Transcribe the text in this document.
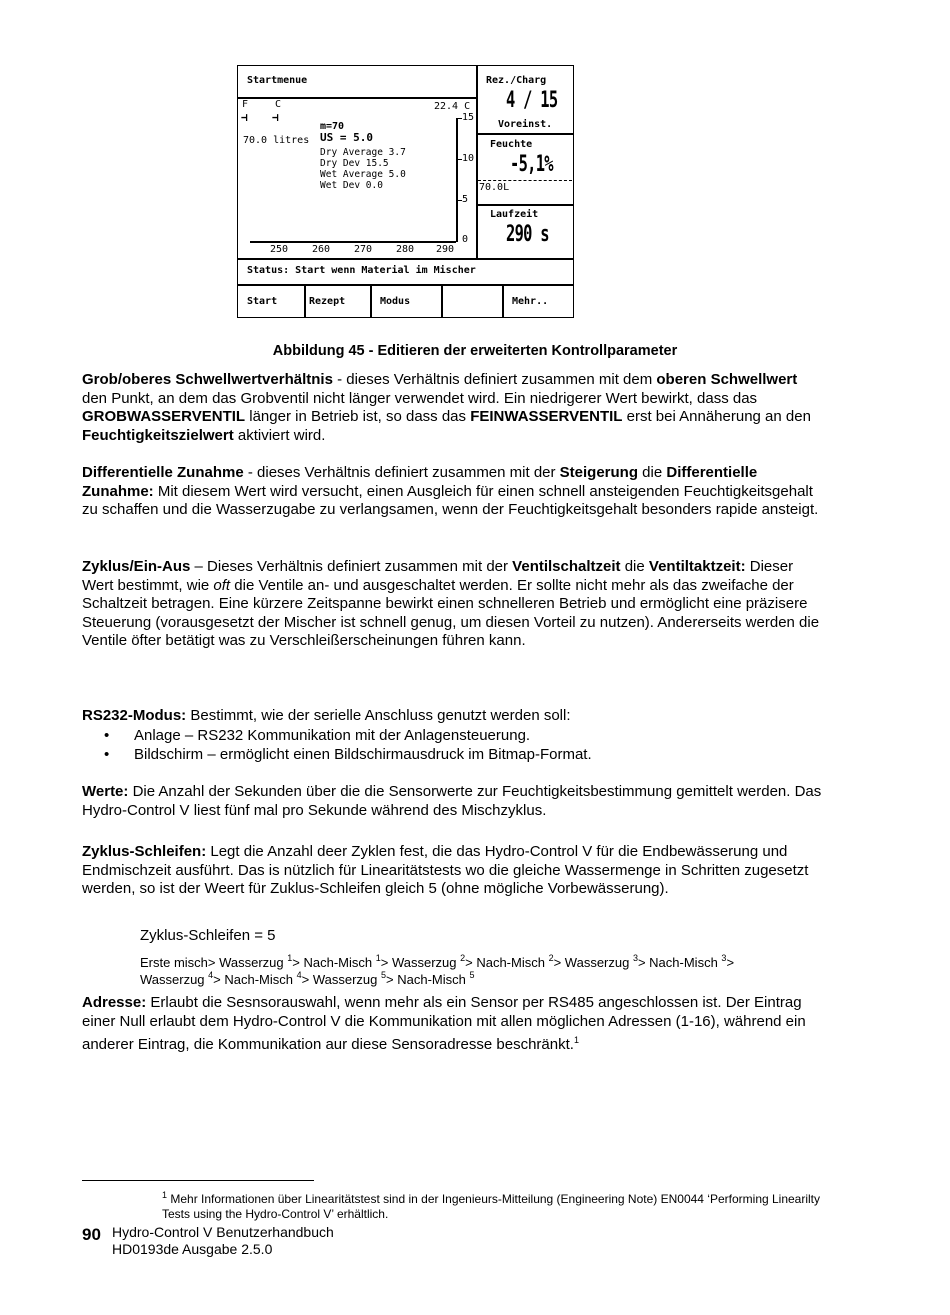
Startmenue	Rez./Charg
4 / 15
Voreinst.
Feuchte
-5,1%
70.0L
Laufzeit
290 s
F	C
⊣ ⊣
22.4 C
70.0 litres
m=70
US = 5.0
Dry Average 3.7
Dry Dev 15.5
Wet Average 5.0
Wet Dev 0.0
15
10
5
0
250 260 270 280 290
Status: Start wenn Material im Mischer
Start	Rezept	Modus	Mehr..
Abbildung 45 - Editieren der erweiterten Kontrollparameter

Grob/oberes Schwellwertverhältnis - dieses Verhältnis definiert zusammen mit dem oberen Schwellwert den Punkt, an dem das Grobventil nicht länger verwendet wird. Ein niedrigerer Wert bewirkt, dass das GROBWASSERVENTIL länger in Betrieb ist, so dass das FEINWASSERVENTIL erst bei Annäherung an den Feuchtigkeitszielwert aktiviert wird.

Differentielle Zunahme - dieses Verhältnis definiert zusammen mit der Steigerung die Differentielle Zunahme: Mit diesem Wert wird versucht, einen Ausgleich für einen schnell ansteigenden Feuchtigkeitsgehalt zu schaffen und die Wasserzugabe zu verlangsamen, wenn der Feuchtigkeitsgehalt besonders rapide ansteigt.

Zyklus/Ein-Aus – Dieses Verhältnis definiert zusammen mit der Ventilschaltzeit die Ventiltaktzeit: Dieser Wert bestimmt, wie oft die Ventile an- und ausgeschaltet werden. Er sollte nicht mehr als das zweifache der Schaltzeit betragen. Eine kürzere Zeitspanne bewirkt einen schnelleren Betrieb und ermöglicht eine präzisere Steuerung (vorausgesetzt der Mischer ist schnell genug, um diesen Vorteil zu nutzen). Andererseits werden die Ventile öfter betätigt was zu Verschleißerscheinungen führen kann.

RS232-Modus: Bestimmt, wie der serielle Anschluss genutzt werden soll:

• Anlage – RS232 Kommunikation mit der Anlagensteuerung.
• Bildschirm – ermöglicht einen Bildschirmausdruck im Bitmap-Format.

Werte: Die Anzahl der Sekunden über die die Sensorwerte zur Feuchtigkeitsbestimmung gemittelt werden. Das Hydro-Control V liest fünf mal pro Sekunde während des Mischzyklus.

Zyklus-Schleifen: Legt die Anzahl deer Zyklen fest, die das Hydro-Control V für die Endbewässerung und Endmischzeit ausführt. Das is nützlich für Linearitätstests wo die gleiche Wassermenge in Schritten zugesetzt werden, so ist der Weert für Zuklus-Schleifen gleich 5 (ohne mögliche Vorbewässerung).

Zyklus-Schleifen = 5
Erste misch> Wasserzug $^1$> Nach-Misch $^1$> Wasserzug $^2$> Nach-Misch $^2$> Wasserzug $^3$> Nach-Misch $^3$> Wasserzug $^4$> Nach-Misch $^4$> Wasserzug $^5$> Nach-Misch $^5$

Adresse: Erlaubt die Sesnsorauswahl, wenn mehr als ein Sensor per RS485 angeschlossen ist. Der Eintrag einer Null erlaubt dem Hydro-Control V die Kommunikation mit allen möglichen Adressen (1-16), während ein anderer Eintrag, die Kommunikation aur diese Sensoradresse beschränkt.$^1$

$^1$ Mehr Informationen über Linearitätstest sind in der Ingenieurs-Mitteilung (Engineering Note) EN0044 ‘Performing Linearilty Tests using the Hydro-Control V’ erhältlich.
90 Hydro-Control V Benutzerhandbuch
HD0193de Ausgabe 2.5.0
